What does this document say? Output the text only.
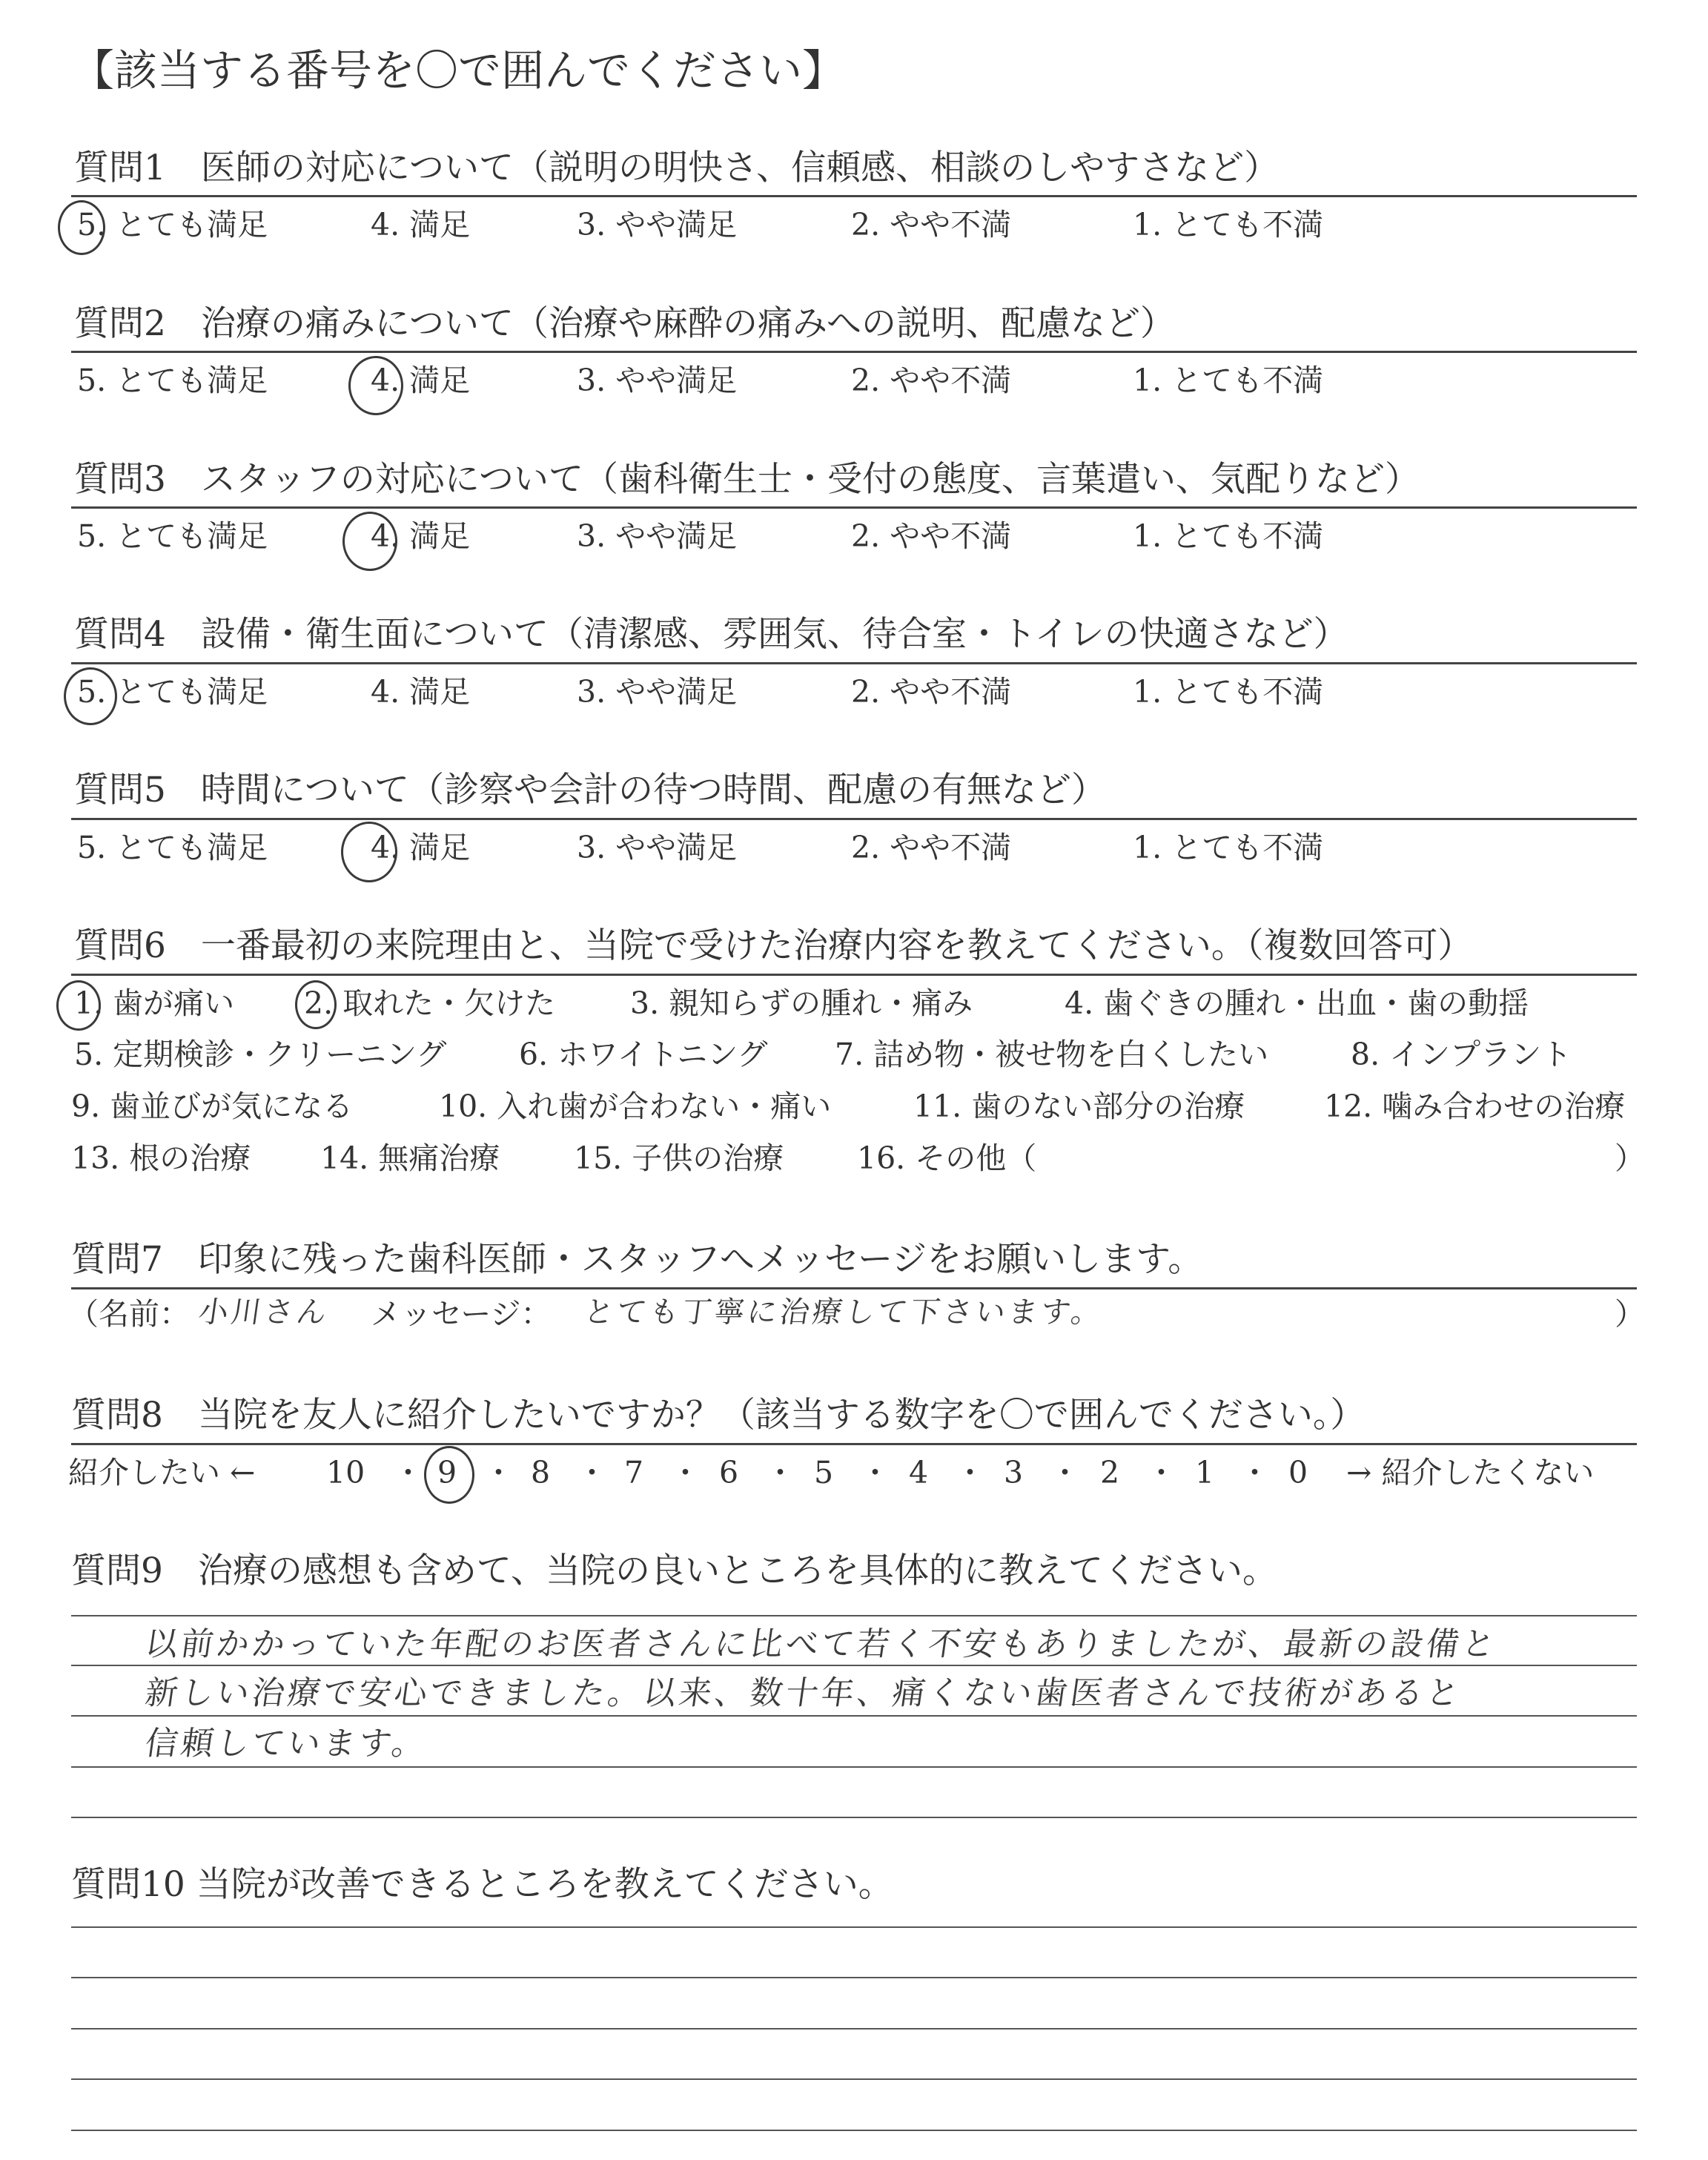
【該当する番号を〇で囲んでください】
質問1　医師の対応について（説明の明快さ、信頼感、相談のしやすさなど）
5. とても満足	4. 満足	3. やや満足	2. やや不満	1. とても不満
質問2　治療の痛みについて（治療や麻酔の痛みへの説明、配慮など）
5. とても満足	4. 満足	3. やや満足	2. やや不満	1. とても不満
質問3　スタッフの対応について（歯科衛生士・受付の態度、言葉遣い、気配りなど）
5. とても満足	4. 満足	3. やや満足	2. やや不満	1. とても不満
質問4　設備・衛生面について（清潔感、雰囲気、待合室・トイレの快適さなど）
5. とても満足	4. 満足	3. やや満足	2. やや不満	1. とても不満
質問5　時間について（診察や会計の待つ時間、配慮の有無など）
5. とても満足	4. 満足	3. やや満足	2. やや不満	1. とても不満
質問6　一番最初の来院理由と、当院で受けた治療内容を教えてください。（複数回答可）
1. 歯が痛い 2. 取れた・欠けた 3. 親知らずの腫れ・痛み	4. 歯ぐきの腫れ・出血・歯の動揺
5. 定期検診・クリーニング 6. ホワイトニング 7. 詰め物・被せ物を白くしたい	8. インプラント
9. 歯並びが気になる	10. 入れ歯が合わない・痛い	11. 歯のない部分の治療	12. 噛み合わせの治療
13. 根の治療 14. 無痛治療 15. 子供の治療 16. その他（	）
質問7　印象に残った歯科医師・スタッフへメッセージをお願いします。
（名前： 小川さん メッセージ： とても丁寧に治療して下さいます。	）
質問8　当院を友人に紹介したいですか？（該当する数字を〇で囲んでください。）
紹介したい ← 10 ・ 9 ・ 8 ・ 7 ・ 6 ・ 5 ・ 4 ・ 3 ・ 2 ・ 1 ・ 0 → 紹介したくない
質問9　治療の感想も含めて、当院の良いところを具体的に教えてください。
以前かかっていた年配のお医者さんに比べて若く不安もありましたが、最新の設備と
新しい治療で安心できました。以来、数十年、痛くない歯医者さんで技術があると
信頼しています。
質問10 当院が改善できるところを教えてください。
